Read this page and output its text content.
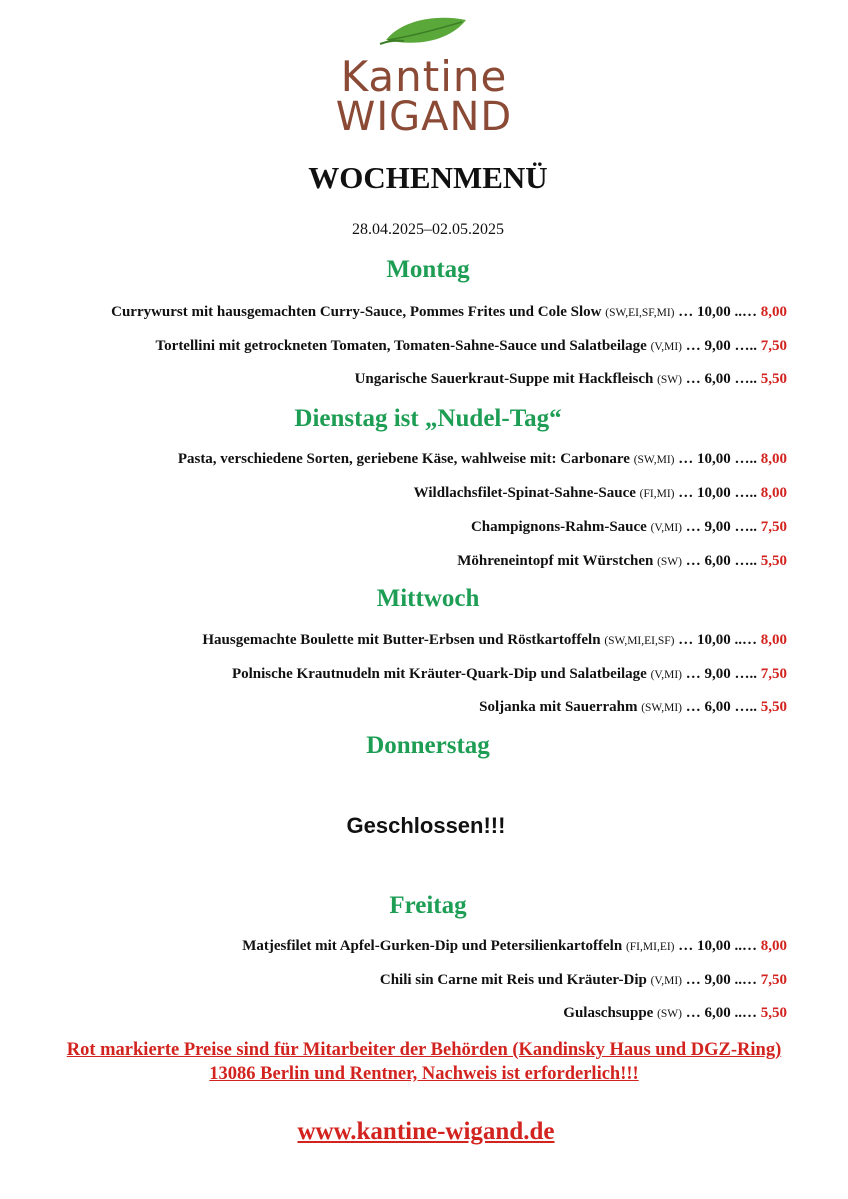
Kantine
WIGAND
WOCHENMENÜ
28.04.2025–02.05.2025
Montag
Currywurst mit hausgemachten Curry-Sauce, Pommes Frites und Cole Slow (SW,EI,SF,MI) … 10,00 ..… 8,00
Tortellini mit getrockneten Tomaten, Tomaten-Sahne-Sauce und Salatbeilage (V,MI) … 9,00 ….. 7,50
Ungarische Sauerkraut-Suppe mit Hackfleisch (SW) … 6,00 ….. 5,50
Dienstag ist „Nudel-Tag“
Pasta, verschiedene Sorten, geriebene Käse, wahlweise mit: Carbonare (SW,MI) … 10,00 ….. 8,00
Wildlachsfilet-Spinat-Sahne-Sauce (FI,MI) … 10,00 ….. 8,00
Champignons-Rahm-Sauce (V,MI) … 9,00 ….. 7,50
Möhreneintopf mit Würstchen (SW) … 6,00 ….. 5,50
Mittwoch
Hausgemachte Boulette mit Butter-Erbsen und Röstkartoffeln (SW,MI,EI,SF) … 10,00 ..… 8,00
Polnische Krautnudeln mit Kräuter-Quark-Dip und Salatbeilage (V,MI) … 9,00 ….. 7,50
Soljanka mit Sauerrahm (SW,MI) … 6,00 ….. 5,50
Donnerstag
Geschlossen!!!
Freitag
Matjesfilet mit Apfel-Gurken-Dip und Petersilienkartoffeln (FI,MI,EI) … 10,00 ..… 8,00
Chili sin Carne mit Reis und Kräuter-Dip (V,MI) … 9,00 ..… 7,50
Gulaschsuppe (SW) … 6,00 ..… 5,50
Rot markierte Preise sind für Mitarbeiter der Behörden (Kandinsky Haus und DGZ-Ring)
13086 Berlin und Rentner, Nachweis ist erforderlich!!!
www.kantine-wigand.de
